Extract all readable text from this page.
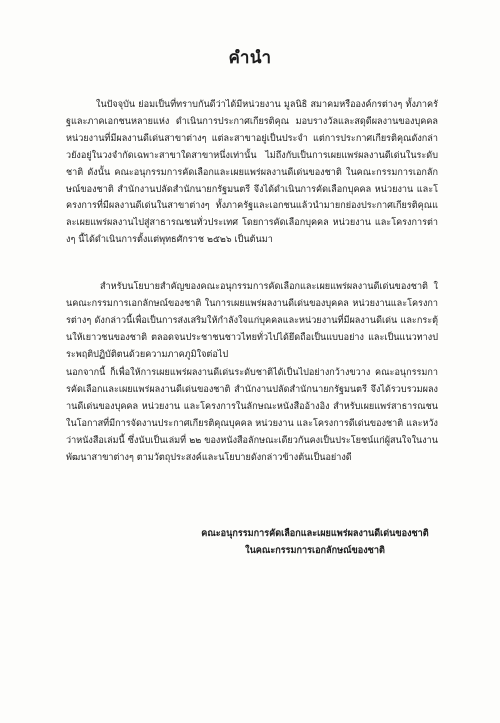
คำนำ

ในปัจจุบัน ย่อมเป็นที่ทราบกันดีว่าได้มีหน่วยงาน มูลนิธิ สมาคมหรือองค์กรต่างๆ ทั้งภาครัฐและภาคเอกชนหลายแห่ง ดำเนินการประกาศเกียรติคุณ มอบรางวัลและสดุดีผลงานของบุคคล หน่วยงานที่มีผลงานดีเด่นสาขาต่างๆ แต่ละสาขาอยู่เป็นประจำ แต่การประกาศเกียรติคุณดังกล่าวยังอยู่ในวงจำกัดเฉพาะสาขาใดสาขาหนึ่งเท่านั้น ไม่ถึงกับเป็นการเผยแพร่ผลงานดีเด่นในระดับชาติ ดังนั้น คณะอนุกรรมการคัดเลือกและเผยแพร่ผลงานดีเด่นของชาติ ในคณะกรรมการเอกลักษณ์ของชาติ สำนักงานปลัดสำนักนายกรัฐมนตรี จึงได้ดำเนินการคัดเลือกบุคคล หน่วยงาน และโครงการที่มีผลงานดีเด่นในสาขาต่างๆ ทั้งภาครัฐและเอกชนแล้วนำมายกย่องประกาศเกียรติคุณและเผยแพร่ผลงานไปสู่สาธารณชนทั่วประเทศ โดยการคัดเลือกบุคคล หน่วยงาน และโครงการต่างๆ นี้ได้ดำเนินการตั้งแต่พุทธศักราช ๒๕๒๖ เป็นต้นมา

สำหรับนโยบายสำคัญของคณะอนุกรรมการคัดเลือกและเผยแพร่ผลงานดีเด่นของชาติ ในคณะกรรมการเอกลักษณ์ของชาติ ในการเผยแพร่ผลงานดีเด่นของบุคคล หน่วยงานและโครงการต่างๆ ดังกล่าวนี้เพื่อเป็นการส่งเสริมให้กำลังใจแก่บุคคลและหน่วยงานที่มีผลงานดีเด่น และกระตุ้นให้เยาวชนของชาติ ตลอดจนประชาชนชาวไทยทั่วไปได้ยึดถือเป็นแบบอย่าง และเป็นแนวทางประพฤติปฏิบัติตนด้วยความภาคภูมิใจต่อไป

นอกจากนี้ ก็เพื่อให้การเผยแพร่ผลงานดีเด่นระดับชาติได้เป็นไปอย่างกว้างขวาง คณะอนุกรรมการคัดเลือกและเผยแพร่ผลงานดีเด่นของชาติ สำนักงานปลัดสำนักนายกรัฐมนตรี จึงได้รวบรวมผลงานดีเด่นของบุคคล หน่วยงาน และโครงการในลักษณะหนังสืออ้างอิง สำหรับเผยแพร่สาธารณชนในโอกาสที่มีการจัดงานประกาศเกียรติคุณบุคคล หน่วยงาน และโครงการดีเด่นของชาติ และหวังว่าหนังสือเล่มนี้ ซึ่งนับเป็นเล่มที่ ๒๒ ของหนังสือลักษณะเดียวกันคงเป็นประโยชน์แก่ผู้สนใจในงานพัฒนาสาขาต่างๆ ตามวัตถุประสงค์และนโยบายดังกล่าวข้างต้นเป็นอย่างดี

คณะอนุกรรมการคัดเลือกและเผยแพร่ผลงานดีเด่นของชาติ
ในคณะกรรมการเอกลักษณ์ของชาติ
